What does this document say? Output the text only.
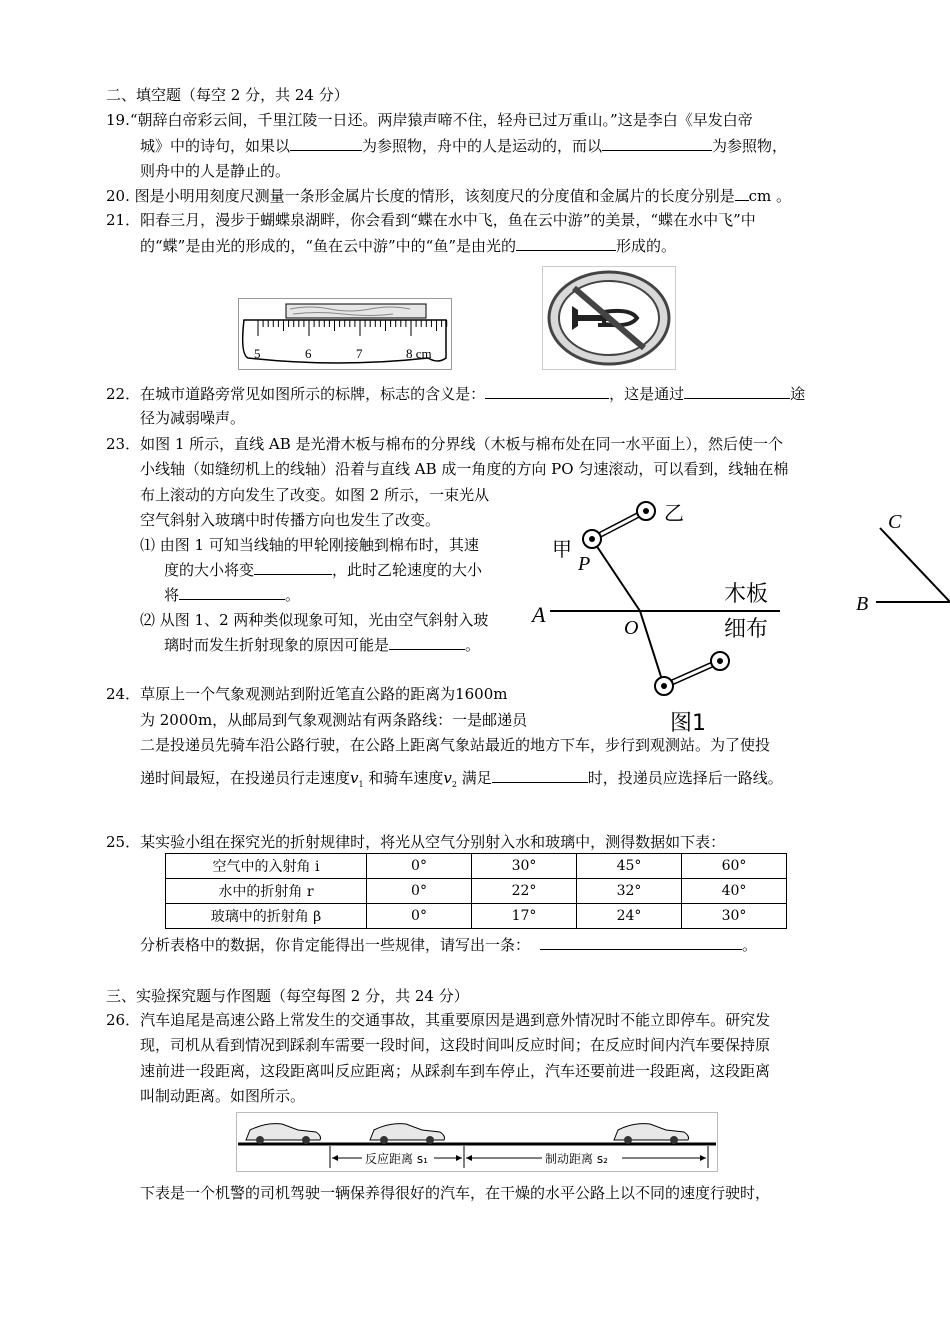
二、填空题（每空 2 分，共 24 分）
19.“朝辞白帝彩云间，千里江陵一日还。两岸猿声啼不住，轻舟已过万重山。”这是李白《早发白帝
城》中的诗句，如果以	为参照物，舟中的人是运动的，而以	为参照物，
则舟中的人是静止的。
20. 图是小明用刻度尺测量一条形金属片长度的情形，该刻度尺的分度值和金属片的长度分别是 cm 。
21．阳春三月，漫步于蝴蝶泉湖畔，你会看到“蝶在水中飞，鱼在云中游”的美景，“蝶在水中飞”中
的“蝶”是由光的形成的，“鱼在云中游”中的“鱼”是由光的	形成的。
5	6	7	8 cm
22．在城市道路旁常见如图所示的标牌，标志的含义是：	，这是通过	途
径为减弱噪声。
23．如图 1 所示，直线 AB 是光滑木板与棉布的分界线（木板与棉布处在同一水平面上），然后使一个
小线轴（如缝纫机上的线轴）沿着与直线 AB 成一角度的方向 PO 匀速滚动，可以看到，线轴在棉
布上滚动的方向发生了改变。如图 2 所示，一束光从
空气斜射入玻璃中时传播方向也发生了改变。
⑴ 由图 1 可知当线轴的甲轮刚接触到棉布时，其速
度的大小将变	，此时乙轮速度的大小
将	。
⑵ 从图 1、2 两种类似现象可知，光由空气斜射入玻
璃时而发生折射现象的原因可能是	。
A
O
木板
细布
甲
乙
P
图1
C
B
24．草原上一个气象观测站到附近笔直公路的距离为1600m
为 2000m，从邮局到气象观测站有两条路线：一是邮递员
二是投递员先骑车沿公路行驶，在公路上距离气象站最近的地方下车，步行到观测站。为了使投
递时间最短，在投递员行走速度$v_1$ 和骑车速度$v_2$ 满足	时，投递员应选择后一路线。
25．某实验小组在探究光的折射规律时，将光从空气分别射入水和玻璃中，测得数据如下表：
空气中的入射角 i	0°	30°	45°	60°
水中的折射角 r	0°	22°	32°	40°
玻璃中的折射角 β	0°	17°	24°	30°
分析表格中的数据，你肯定能得出一些规律，请写出一条：	。
三、实验探究题与作图题（每空每图 2 分，共 24 分）
26．汽车追尾是高速公路上常发生的交通事故，其重要原因是遇到意外情况时不能立即停车。研究发
现，司机从看到情况到踩刹车需要一段时间，这段时间叫反应时间；在反应时间内汽车要保持原
速前进一段距离，这段距离叫反应距离；从踩刹车到车停止，汽车还要前进一段距离，这段距离
叫制动距离。如图所示。
反应距离 s₁	制动距离 s₂
下表是一个机警的司机驾驶一辆保养得很好的汽车，在干燥的水平公路上以不同的速度行驶时，
